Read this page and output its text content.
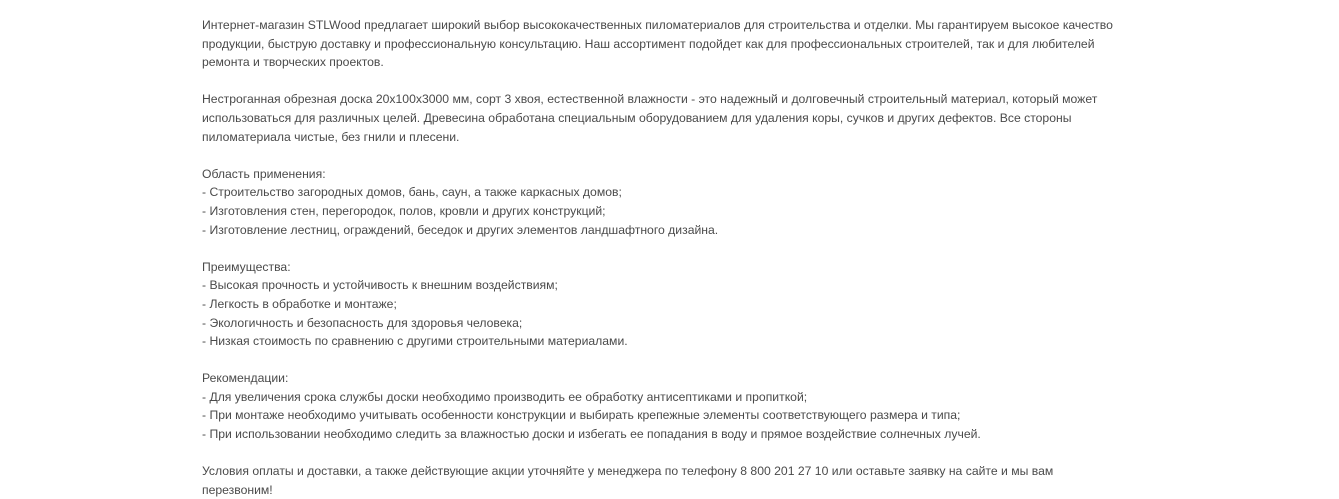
Интернет-магазин STLWood предлагает широкий выбор высококачественных пиломатериалов для строительства и отделки. Мы гарантируем высокое качество
продукции, быструю доставку и профессиональную консультацию. Наш ассортимент подойдет как для профессиональных строителей, так и для любителей
ремонта и творческих проектов.

Нестроганная обрезная доска 20x100x3000 мм, сорт 3 хвоя, естественной влажности - это надежный и долговечный строительный материал, который может
использоваться для различных целей. Древесина обработана специальным оборудованием для удаления коры, сучков и других дефектов. Все стороны
пиломатериала чистые, без гнили и плесени.

Область применения:
- Строительство загородных домов, бань, саун, а также каркасных домов;
- Изготовления стен, перегородок, полов, кровли и других конструкций;
- Изготовление лестниц, ограждений, беседок и других элементов ландшафтного дизайна.

Преимущества:
- Высокая прочность и устойчивость к внешним воздействиям;
- Легкость в обработке и монтаже;
- Экологичность и безопасность для здоровья человека;
- Низкая стоимость по сравнению с другими строительными материалами.

Рекомендации:
- Для увеличения срока службы доски необходимо производить ее обработку антисептиками и пропиткой;
- При монтаже необходимо учитывать особенности конструкции и выбирать крепежные элементы соответствующего размера и типа;
- При использовании необходимо следить за влажностью доски и избегать ее попадания в воду и прямое воздействие солнечных лучей.

Условия оплаты и доставки, а также действующие акции уточняйте у менеджера по телефону 8 800 201 27 10 или оставьте заявку на сайте и мы вам
перезвоним!
